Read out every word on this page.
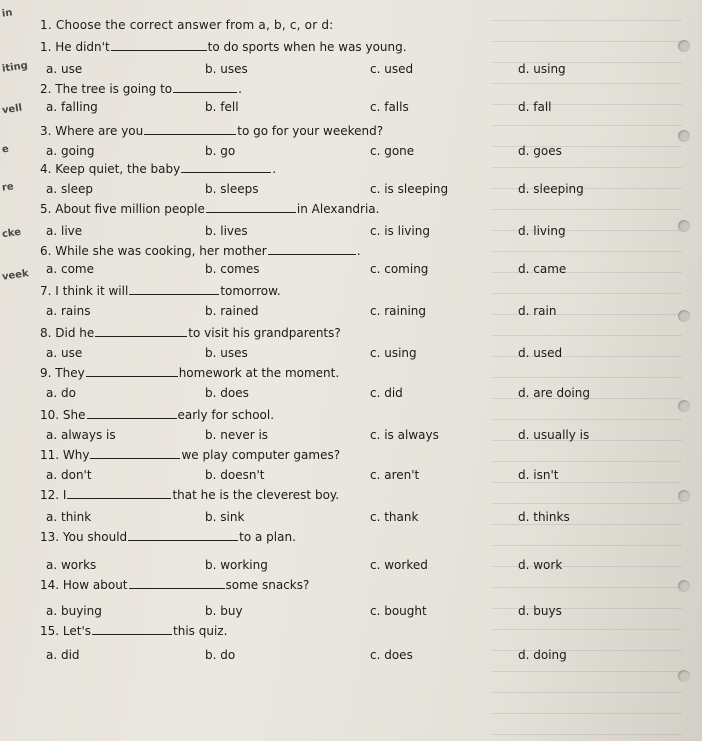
in
iting
vell
e
re
cke
veek
1. Choose the correct answer from a, b, c, or d:
1. He didn't	to do sports when he was young.
a. use	b. uses	c. used	d. using
2. The tree is going to	.
a. falling	b. fell	c. falls	d. fall
3. Where are you	to go for your weekend?
a. going	b. go	c. gone	d. goes
4. Keep quiet, the baby	.
a. sleep	b. sleeps	c. is sleeping	d. sleeping
5. About five million people	in Alexandria.
a. live	b. lives	c. is living	d. living
6. While she was cooking, her mother	.
a. come	b. comes	c. coming	d. came
7. I think it will	tomorrow.
a. rains	b. rained	c. raining	d. rain
8. Did he	to visit his grandparents?
a. use	b. uses	c. using	d. used
9. They	homework at the moment.
a. do	b. does	c. did	d. are doing
10. She	early for school.
a. always is	b. never is	c. is always	d. usually is
11. Why	we play computer games?
a. don't	b. doesn't	c. aren't	d. isn't
12. I	that he is the cleverest boy.
a. think	b. sink	c. thank	d. thinks
13. You should	to a plan.
a. works	b. working	c. worked	d. work
14. How about	some snacks?
a. buying	b. buy	c. bought	d. buys
15. Let's	this quiz.
a. did	b. do	c. does	d. doing
